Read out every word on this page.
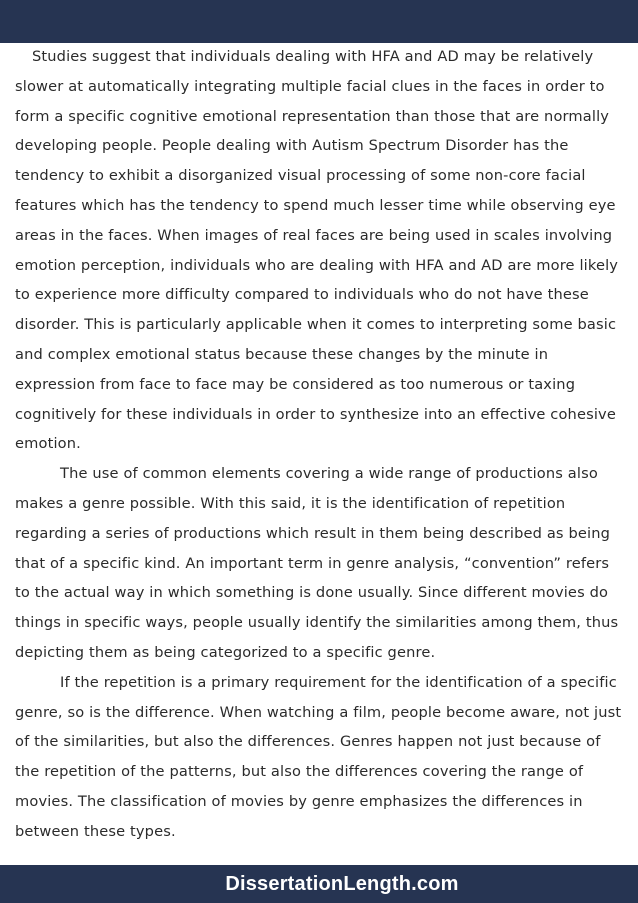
Studies suggest that individuals dealing with HFA and AD may be relatively slower at automatically integrating multiple facial clues in the faces in order to form a specific cognitive emotional representation than those that are normally developing people. People dealing with Autism Spectrum Disorder has the tendency to exhibit a disorganized visual processing of some non-core facial features which has the tendency to spend much lesser time while observing eye areas in the faces. When images of real faces are being used in scales involving emotion perception, individuals who are dealing with HFA and AD are more likely to experience more difficulty compared to individuals who do not have these disorder. This is particularly applicable when it comes to interpreting some basic and complex emotional status because these changes by the minute in expression from face to face may be considered as too numerous or taxing cognitively for these individuals in order to synthesize into an effective cohesive emotion.

The use of common elements covering a wide range of productions also makes a genre possible. With this said, it is the identification of repetition regarding a series of productions which result in them being described as being that of a specific kind. An important term in genre analysis, “convention” refers to the actual way in which something is done usually. Since different movies do things in specific ways, people usually identify the similarities among them, thus depicting them as being categorized to a specific genre.

If the repetition is a primary requirement for the identification of a specific genre, so is the difference. When watching a film, people become aware, not just of the similarities, but also the differences. Genres happen not just because of the repetition of the patterns, but also the differences covering the range of movies. The classification of movies by genre emphasizes the differences in between these types.

DissertationLength.com
